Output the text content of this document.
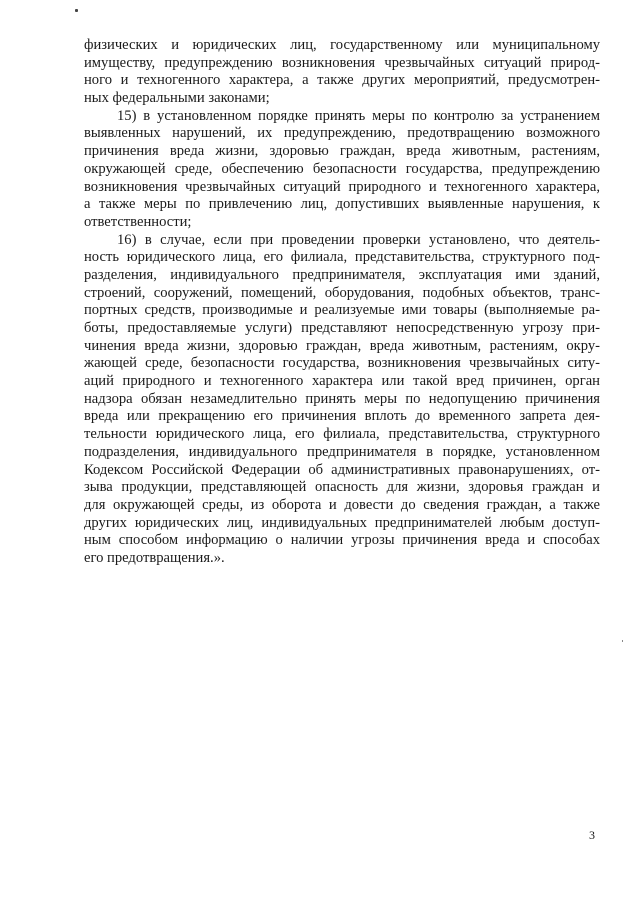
физических и юридических лиц, государственному или муниципальному
имуществу, предупреждению возникновения чрезвычайных ситуаций природ-
ного и техногенного характера, а также других мероприятий, предусмотрен-
ных федеральными законами;
15) в установленном порядке принять меры по контролю за устранением
выявленных нарушений, их предупреждению, предотвращению возможного
причинения вреда жизни, здоровью граждан, вреда животным, растениям,
окружающей среде, обеспечению безопасности государства, предупреждению
возникновения чрезвычайных ситуаций природного и техногенного характера,
а также меры по привлечению лиц, допустивших выявленные нарушения, к
ответственности;
16) в случае, если при проведении проверки установлено, что деятель-
ность юридического лица, его филиала, представительства, структурного под-
разделения, индивидуального предпринимателя, эксплуатация ими зданий,
строений, сооружений, помещений, оборудования, подобных объектов, транс-
портных средств, производимые и реализуемые ими товары (выполняемые ра-
боты, предоставляемые услуги) представляют непосредственную угрозу при-
чинения вреда жизни, здоровью граждан, вреда животным, растениям, окру-
жающей среде, безопасности государства, возникновения чрезвычайных ситу-
аций природного и техногенного характера или такой вред причинен, орган
надзора обязан незамедлительно принять меры по недопущению причинения
вреда или прекращению его причинения вплоть до временного запрета дея-
тельности юридического лица, его филиала, представительства, структурного
подразделения, индивидуального предпринимателя в порядке, установленном
Кодексом Российской Федерации об административных правонарушениях, от-
зыва продукции, представляющей опасность для жизни, здоровья граждан и
для окружающей среды, из оборота и довести до сведения граждан, а также
других юридических лиц, индивидуальных предпринимателей любым доступ-
ным способом информацию о наличии угрозы причинения вреда и способах
его предотвращения.».
3
